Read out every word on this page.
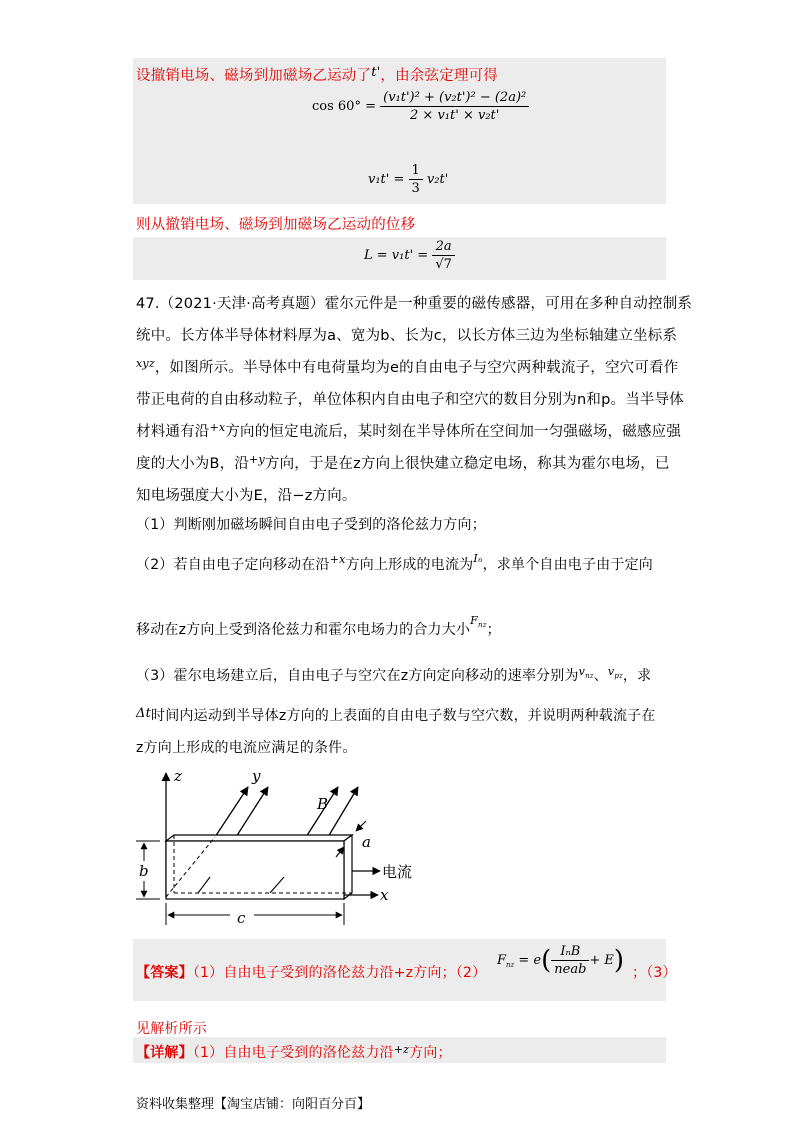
设撤销电场、磁场到加磁场乙运动了t'，由余弦定理可得
$\cos 60^\circ = \frac{\text{(v₁t')² + (v₂t')² − (2a)²}}{\text{2 × v₁t' × v₂t'}}$
$v_1t' = \frac{1}{3} v_2t'$
则从撤销电场、磁场到加磁场乙运动的位移
$L = v_1t' = \frac{2a}{√7}$
47.（2021·天津·高考真题）霍尔元件是一种重要的磁传感器，可用在多种自动控制系
统中。长方体半导体材料厚为a、宽为b、长为c，以长方体三边为坐标轴建立坐标系
$^{xyz}$，如图所示。半导体中有电荷量均为e的自由电子与空穴两种载流子，空穴可看作
带正电荷的自由移动粒子，单位体积内自由电子和空穴的数目分别为n和p。当半导体
材料通有沿$^{+x}$方向的恒定电流后，某时刻在半导体所在空间加一匀强磁场，磁感应强
度的大小为B，沿$^{+y}$方向，于是在z方向上很快建立稳定电场，称其为霍尔电场，已
知电场强度大小为E，沿−z方向。
（1）判断刚加磁场瞬间自由电子受到的洛伦兹力方向；
（2）若自由电子定向移动在沿$^{+x}$方向上形成的电流为$^{I_n}$，求单个自由电子由于定向
移动在z方向上受到洛伦兹力和霍尔电场力的合力大小$^{F_{nz}}$；
（3）霍尔电场建立后，自由电子与空穴在z方向定向移动的速率分别为$^{v_{nz}}$、$^{v_{pz}}$，求
Δt时间内运动到半导体z方向的上表面的自由电子数与空穴数，并说明两种载流子在
z方向上形成的电流应满足的条件。
z	y
B
x
电流
a
b
c
【答案】（1）自由电子受到的洛伦兹力沿+z方向；（2）
$F_{nz} = e( \frac{\text{IₙB}}{\text{neab}} + E)$ ；（3）
见解析所示
【详解】（1）自由电子受到的洛伦兹力沿$^{+z}$方向；
资料收集整理【淘宝店铺：向阳百分百】
